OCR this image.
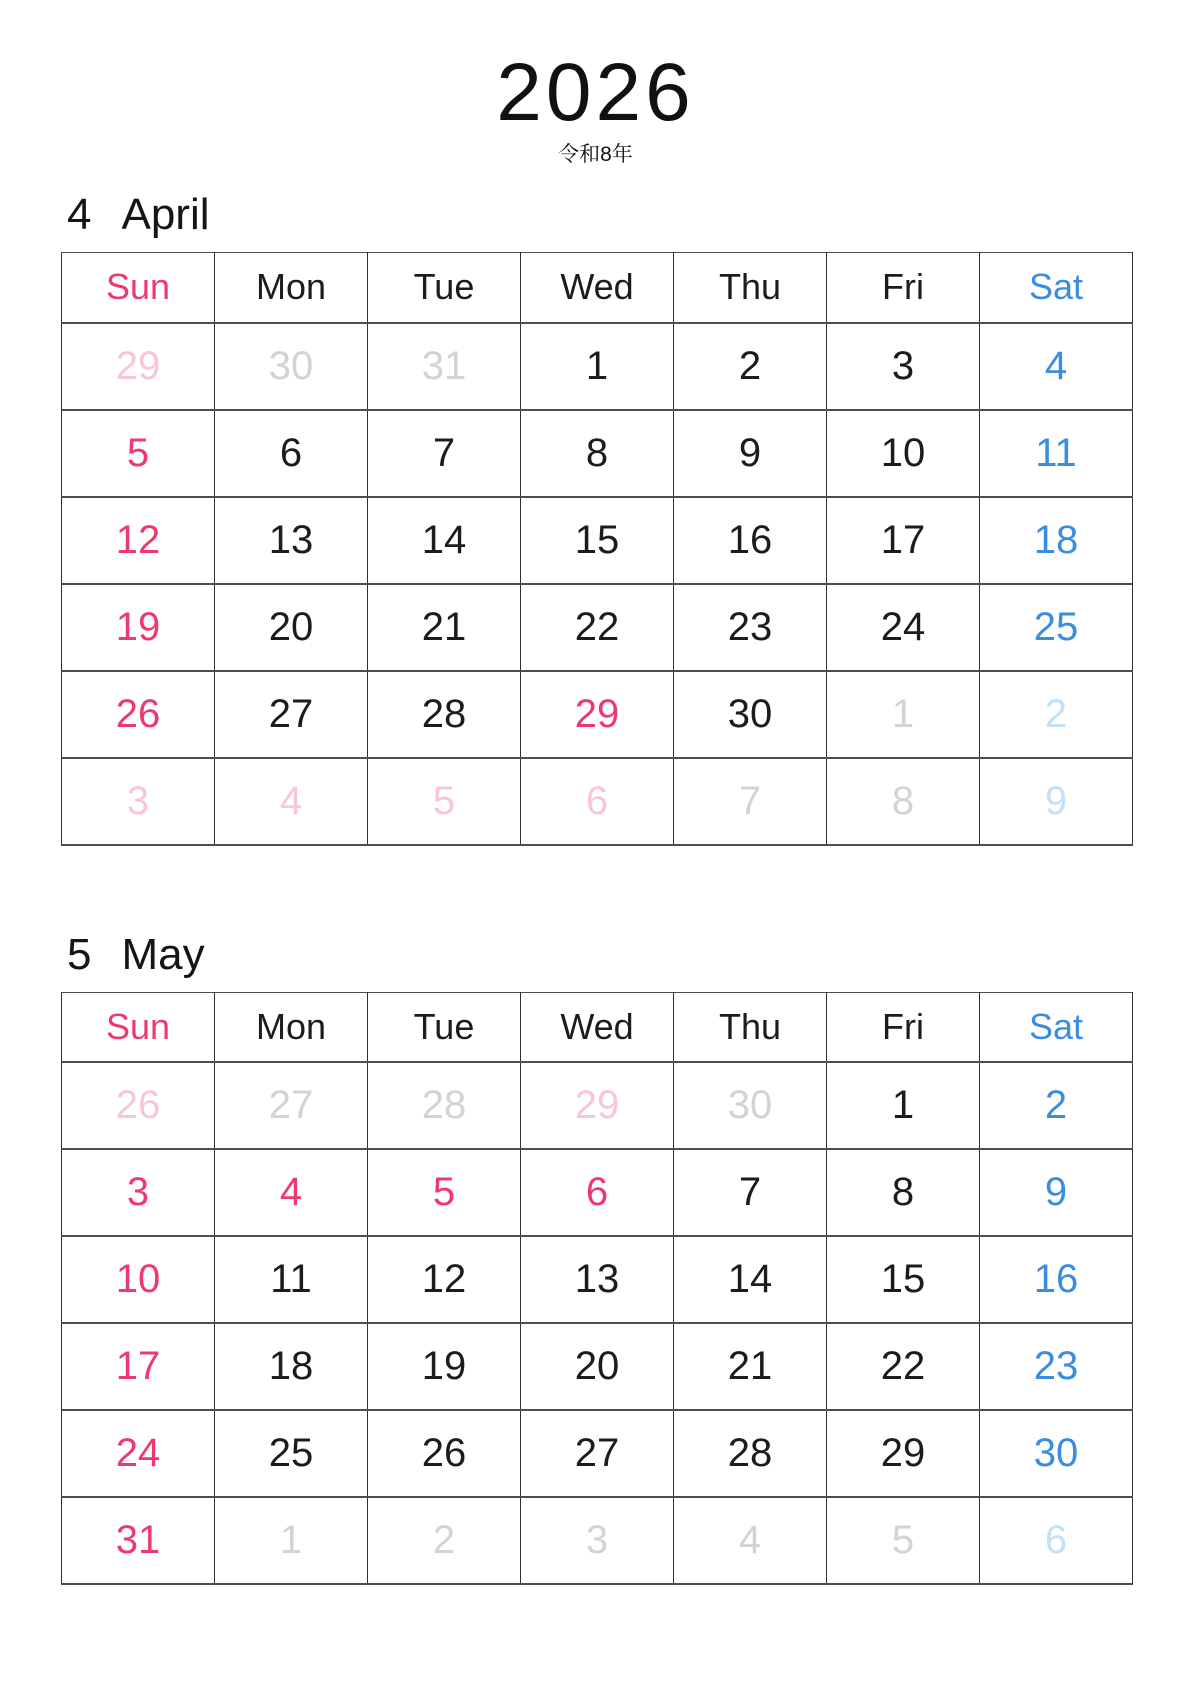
2026
令和8年
4 April
Sun	Mon	Tue	Wed	Thu	Fri	Sat
29	30	31	1	2	3	4
5	6	7	8	9	10	11
12	13	14	15	16	17	18
19	20	21	22	23	24	25
26	27	28	29	30	1	2
3	4	5	6	7	8	9
5 May
Sun	Mon	Tue	Wed	Thu	Fri	Sat
26	27	28	29	30	1	2
3	4	5	6	7	8	9
10	11	12	13	14	15	16
17	18	19	20	21	22	23
24	25	26	27	28	29	30
31	1	2	3	4	5	6
